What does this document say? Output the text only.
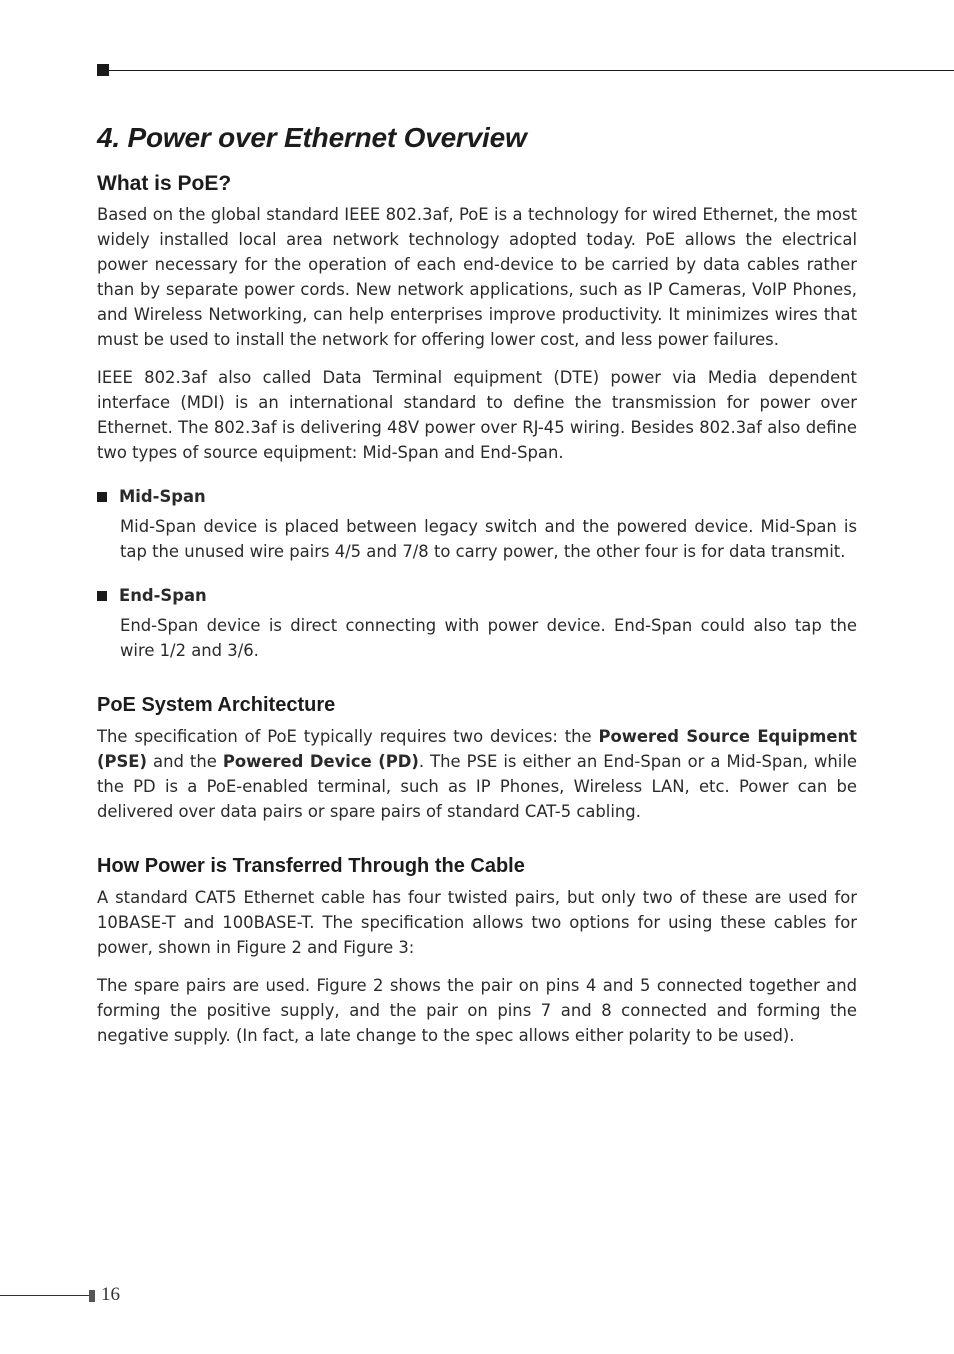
4. Power over Ethernet Overview
What is PoE?

Based on the global standard IEEE 802.3af, PoE is a technology for wired Ethernet, the most widely installed local area network technology adopted today. PoE allows the electrical power necessary for the operation of each end-device to be carried by data cables rather than by separate power cords. New network applications, such as IP Cameras, VoIP Phones, and Wireless Networking, can help enterprises improve productivity. It minimizes wires that must be used to install the network for offering lower cost, and less power failures.

IEEE 802.3af also called Data Terminal equipment (DTE) power via Media dependent interface (MDI) is an international standard to define the transmission for power over Ethernet. The 802.3af is delivering 48V power over RJ-45 wiring. Besides 802.3af also define two types of source equipment: Mid-Span and End-Span.

Mid-Span

Mid-Span device is placed between legacy switch and the powered device. Mid-Span is tap the unused wire pairs 4/5 and 7/8 to carry power, the other four is for data transmit.

End-Span

End-Span device is direct connecting with power device. End-Span could also tap the wire 1/2 and 3/6.

PoE System Architecture

The specification of PoE typically requires two devices: the Powered Source Equipment (PSE) and the Powered Device (PD). The PSE is either an End-Span or a Mid-Span, while the PD is a PoE-enabled terminal, such as IP Phones, Wireless LAN, etc. Power can be delivered over data pairs or spare pairs of standard CAT-5 cabling.

How Power is Transferred Through the Cable

A standard CAT5 Ethernet cable has four twisted pairs, but only two of these are used for 10BASE-T and 100BASE-T. The specification allows two options for using these cables for power, shown in Figure 2 and Figure 3:

The spare pairs are used. Figure 2 shows the pair on pins 4 and 5 connected together and forming the positive supply, and the pair on pins 7 and 8 connected and forming the negative supply. (In fact, a late change to the spec allows either polarity to be used).

16
